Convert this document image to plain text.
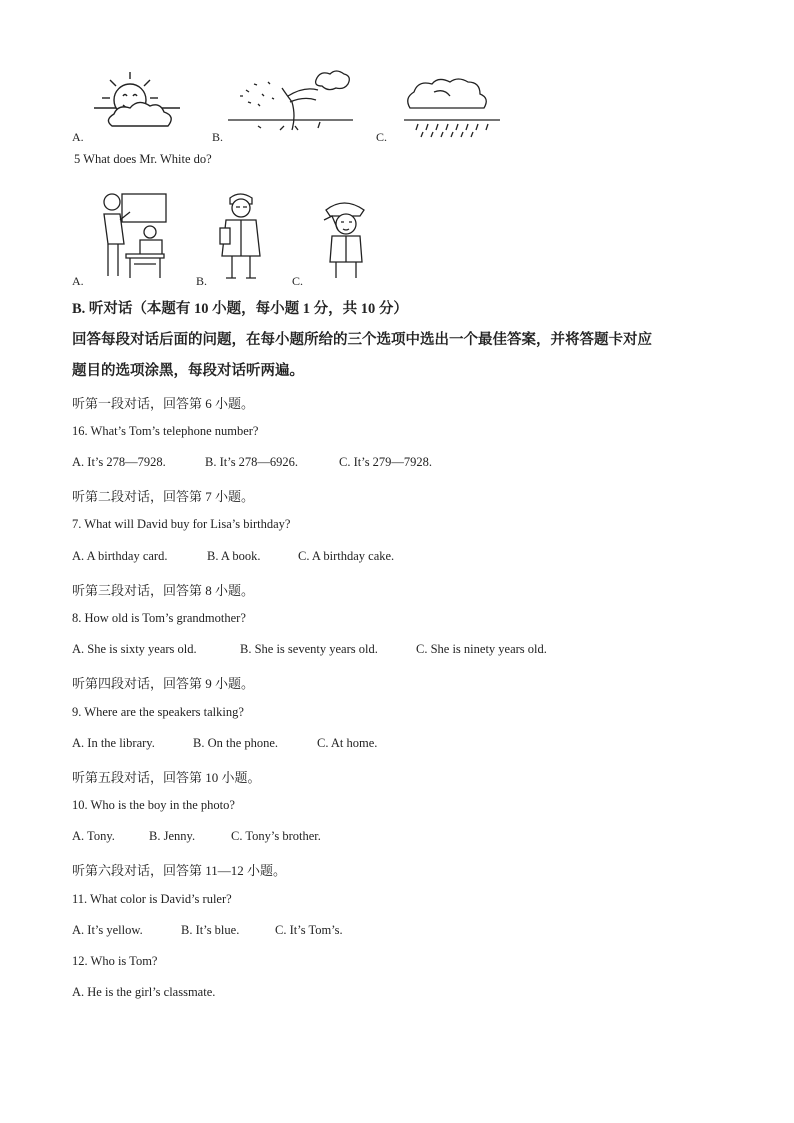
A.	B.	C.
5 What does Mr. White do?
A.	B.	C.
B. 听对话（本题有 10 小题，每小题 1 分，共 10 分）
回答每段对话后面的问题，在每小题所给的三个选项中选出一个最佳答案，并将答题卡对应
题目的选项涂黑，每段对话听两遍。
听第一段对话，回答第 6 小题。
16. What’s Tom’s telephone number?
A. It’s 278—7928.	B. It’s 278—6926.	C. It’s 279—7928.
听第二段对话，回答第 7 小题。
7. What will David buy for Lisa’s birthday?
A. A birthday card.	B. A book.	C. A birthday cake.
听第三段对话，回答第 8 小题。
8. How old is Tom’s grandmother?
A. She is sixty years old.	B. She is seventy years old.	C. She is ninety years old.
听第四段对话，回答第 9 小题。
9. Where are the speakers talking?
A. In the library.	B. On the phone.	C. At home.
听第五段对话，回答第 10 小题。
10. Who is the boy in the photo?
A. Tony.	B. Jenny.	C. Tony’s brother.
听第六段对话，回答第 11—12 小题。
11. What color is David’s ruler?
A. It’s yellow.	B. It’s blue.	C. It’s Tom’s.
12. Who is Tom?
A. He is the girl’s classmate.
